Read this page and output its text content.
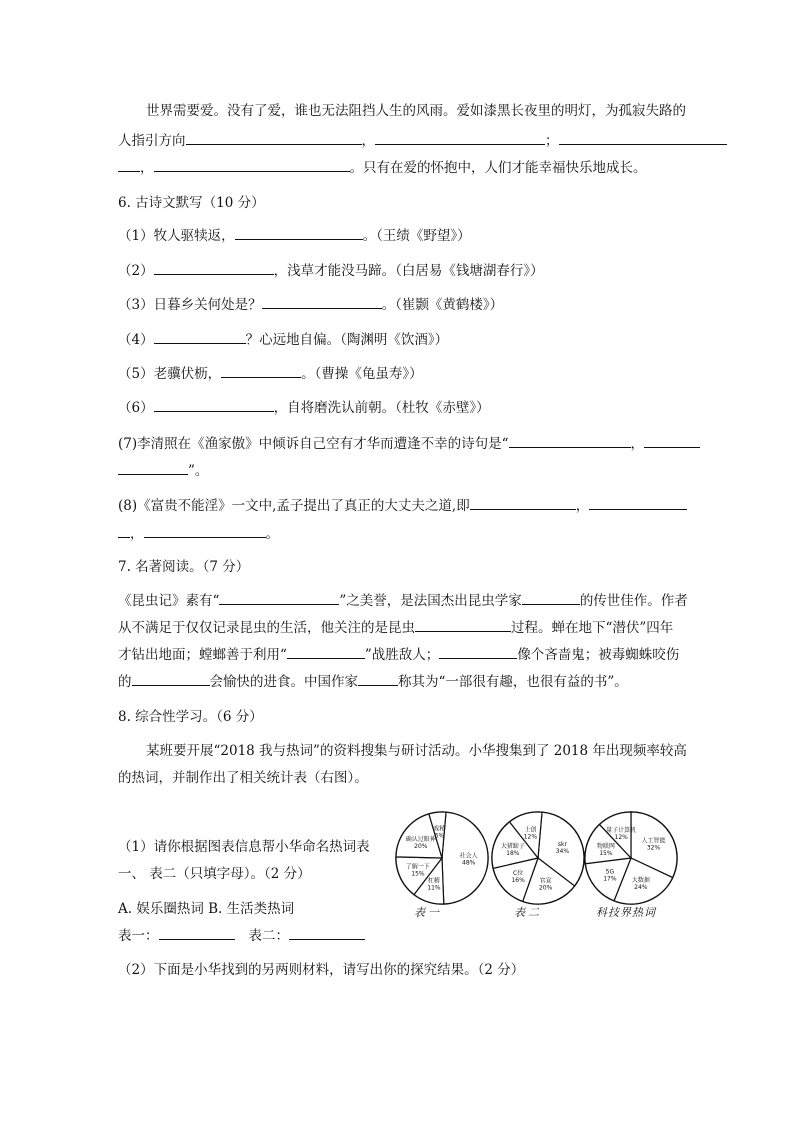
世界需要爱。没有了爱，谁也无法阻挡人生的风雨。爱如漆黑长夜里的明灯，为孤寂失路的
人指引方向	，	；
，	。只有在爱的怀抱中，人们才能幸福快乐地成长。
6. 古诗文默写（10 分）
（1）牧人驱犊返，	。（王绩《野望》）
（2）	，浅草才能没马蹄。（白居易《钱塘湖春行》）
（3）日暮乡关何处是？	。（崔颢《黄鹤楼》）
（4）	？心远地自偏。（陶渊明《饮酒》）
（5）老骥伏枥，	。（曹操《龟虽寿》）
（6）	，自将磨洗认前朝。（杜牧《赤壁》）
(7)李清照在《渔家傲》中倾诉自己空有才华而遭逢不幸的诗句是“	，
”。
(8)《富贵不能淫》一文中,孟子提出了真正的大丈夫之道,即	，
，	。
7. 名著阅读。（7 分）
《昆虫记》素有“	”之美誉，是法国杰出昆虫学家	的传世佳作。作者
从不满足于仅仅记录昆虫的生活，他关注的是昆虫	过程。蝉在地下“潜伏”四年
才钻出地面；螳螂善于利用“	”战胜敌人；	像个吝啬鬼；被毒蜘蛛咬伤
的	会愉快的进食。中国作家	称其为“一部很有趣，也很有益的书”。
8. 综合性学习。（6 分）
某班要开展“2018 我与热词”的资料搜集与研讨活动。小华搜集到了 2018 年出现频率较高
的热词，并制作出了相关统计表（右图）。
（1）请你根据图表信息帮小华命名热词表
一、 表二（只填字母）。（2 分）
A. 娱乐圈热词 B. 生活类热词
表一：	表二：
（2）下面是小华找到的另两则材料，请写出你的探究结果。（2 分）
社会人
48%
杠精
11%
了解一下
15%
确认过眼神
20%
戏精
6%
skr
34%
官宣
20%
C位
16%
大猪蹄子
18%
土创
12%
人工智能
32%
大数据
24%
5G
17%
物联网
15%
量子计算机
12%
表一	表二	科技界热词
